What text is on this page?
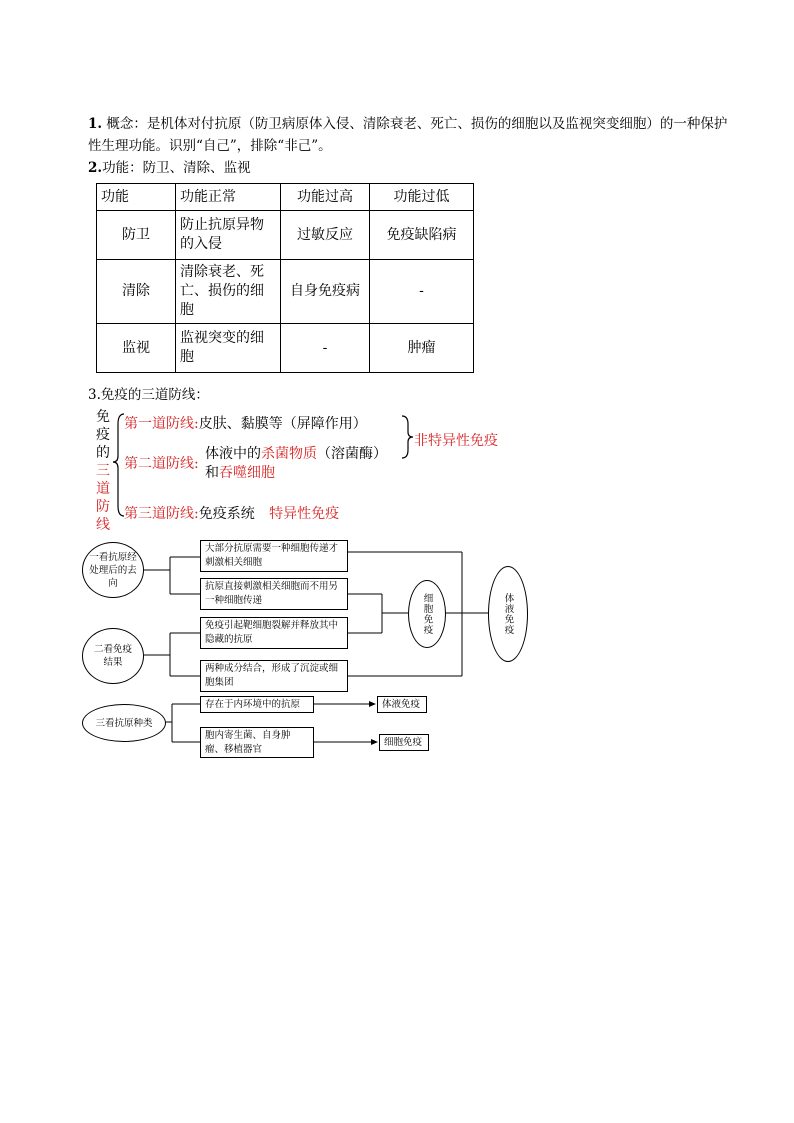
1. 概念：是机体对付抗原（防卫病原体入侵、清除衰老、死亡、损伤的细胞以及监视突变细胞）的一种保护
性生理功能。识别“自己”，排除“非己”。
2.功能：防卫、清除、监视
功能	功能正常	功能过高	功能过低
防卫	防止抗原异物的入侵	过敏反应	免疫缺陷病
清除	清除衰老、死亡、损伤的细胞	自身免疫病	-
监视	监视突变的细胞	-	肿瘤
3.免疫的三道防线：
免
疫
的
三
道
防
线
第一道防线:皮肤、黏膜等（屏障作用）
第二道防线:
体液中的杀菌物质（溶菌酶）
和吞噬细胞
第三道防线:免疫系统 特异性免疫
非特异性免疫
一看抗原经处理后的去向
二看免疫结果
三看抗原种类
细胞免疫	体液免疫
大部分抗原需要一种细胞传递才刺激相关细胞
抗原直接刺激相关细胞而不用另一种细胞传递
免疫引起靶细胞裂解并释放其中隐藏的抗原
两种成分结合，形成了沉淀或细胞集团
存在于内环境中的抗原
胞内寄生菌、自身肿瘤、移植器官
体液免疫
细胞免疫
